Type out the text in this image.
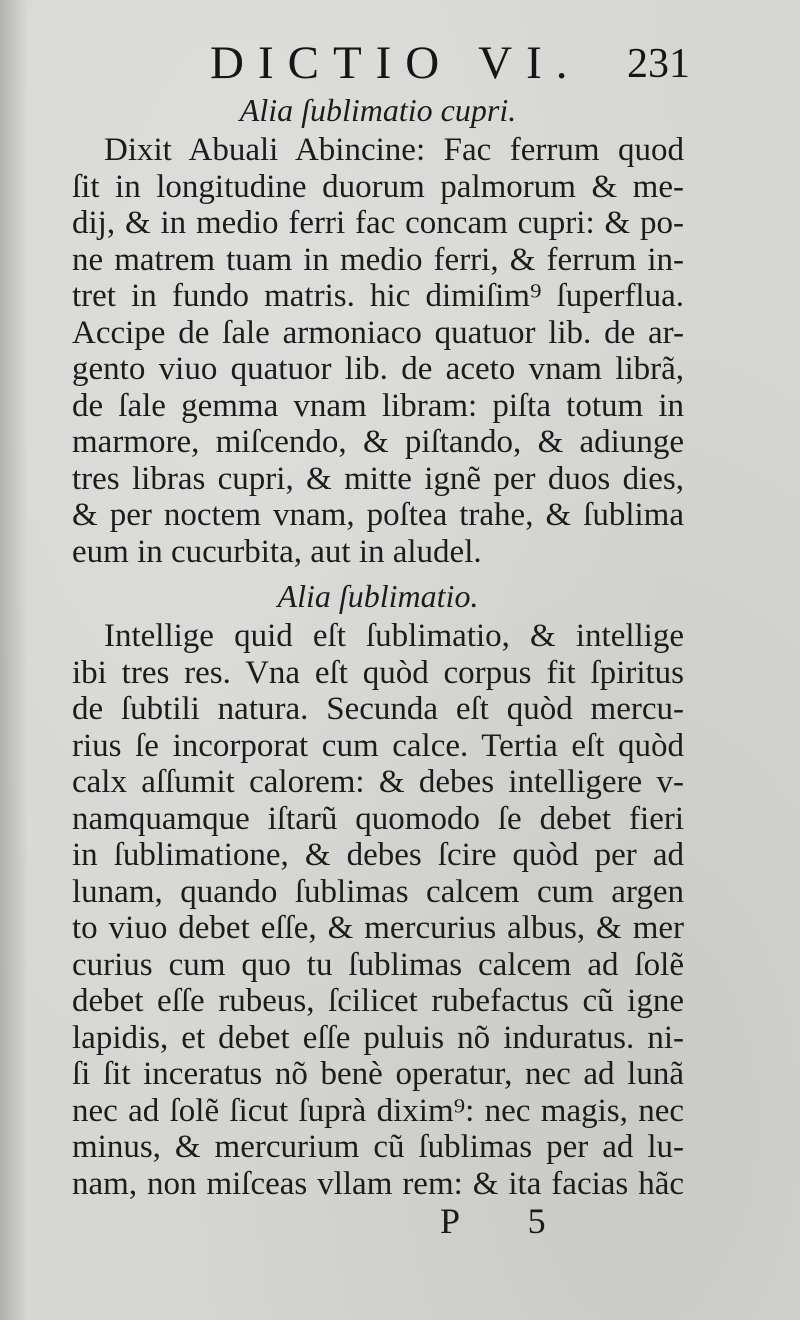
DICTIO VI. 231
Alia ſublimatio cupri.
Dixit Abuali Abincine: Fac ferrum quod
ſit in longitudine duorum palmorum & me-
dij, & in medio ferri fac concam cupri: & po-
ne matrem tuam in medio ferri, & ferrum in-
tret in fundo matris. hic dimiſim⁹ ſuperflua.
Accipe de ſale armoniaco quatuor lib. de ar-
gento viuo quatuor lib. de aceto vnam librã,
de ſale gemma vnam libram: piſta totum in
marmore, miſcendo, & piſtando, & adiunge
tres libras cupri, & mitte ignẽ per duos dies,
& per noctem vnam, poſtea trahe, & ſublima
eum in cucurbita, aut in aludel.
Alia ſublimatio.
Intellige quid eſt ſublimatio, & intellige
ibi tres res. Vna eſt quòd corpus fit ſpiritus
de ſubtili natura. Secunda eſt quòd mercu-
rius ſe incorporat cum calce. Tertia eſt quòd
calx aſſumit calorem: & debes intelligere v-
namquamque iſtarũ quomodo ſe debet fieri
in ſublimatione, & debes ſcire quòd per ad
lunam, quando ſublimas calcem cum argen
to viuo debet eſſe, & mercurius albus, & mer
curius cum quo tu ſublimas calcem ad ſolẽ
debet eſſe rubeus, ſcilicet rubefactus cũ igne
lapidis, et debet eſſe puluis nõ induratus. ni-
ſi ſit inceratus nõ benè operatur, nec ad lunã
nec ad ſolẽ ſicut ſuprà dixim⁹: nec magis, nec
minus, & mercurium cũ ſublimas per ad lu-
nam, non miſceas vllam rem: & ita facias hãc
P 5
